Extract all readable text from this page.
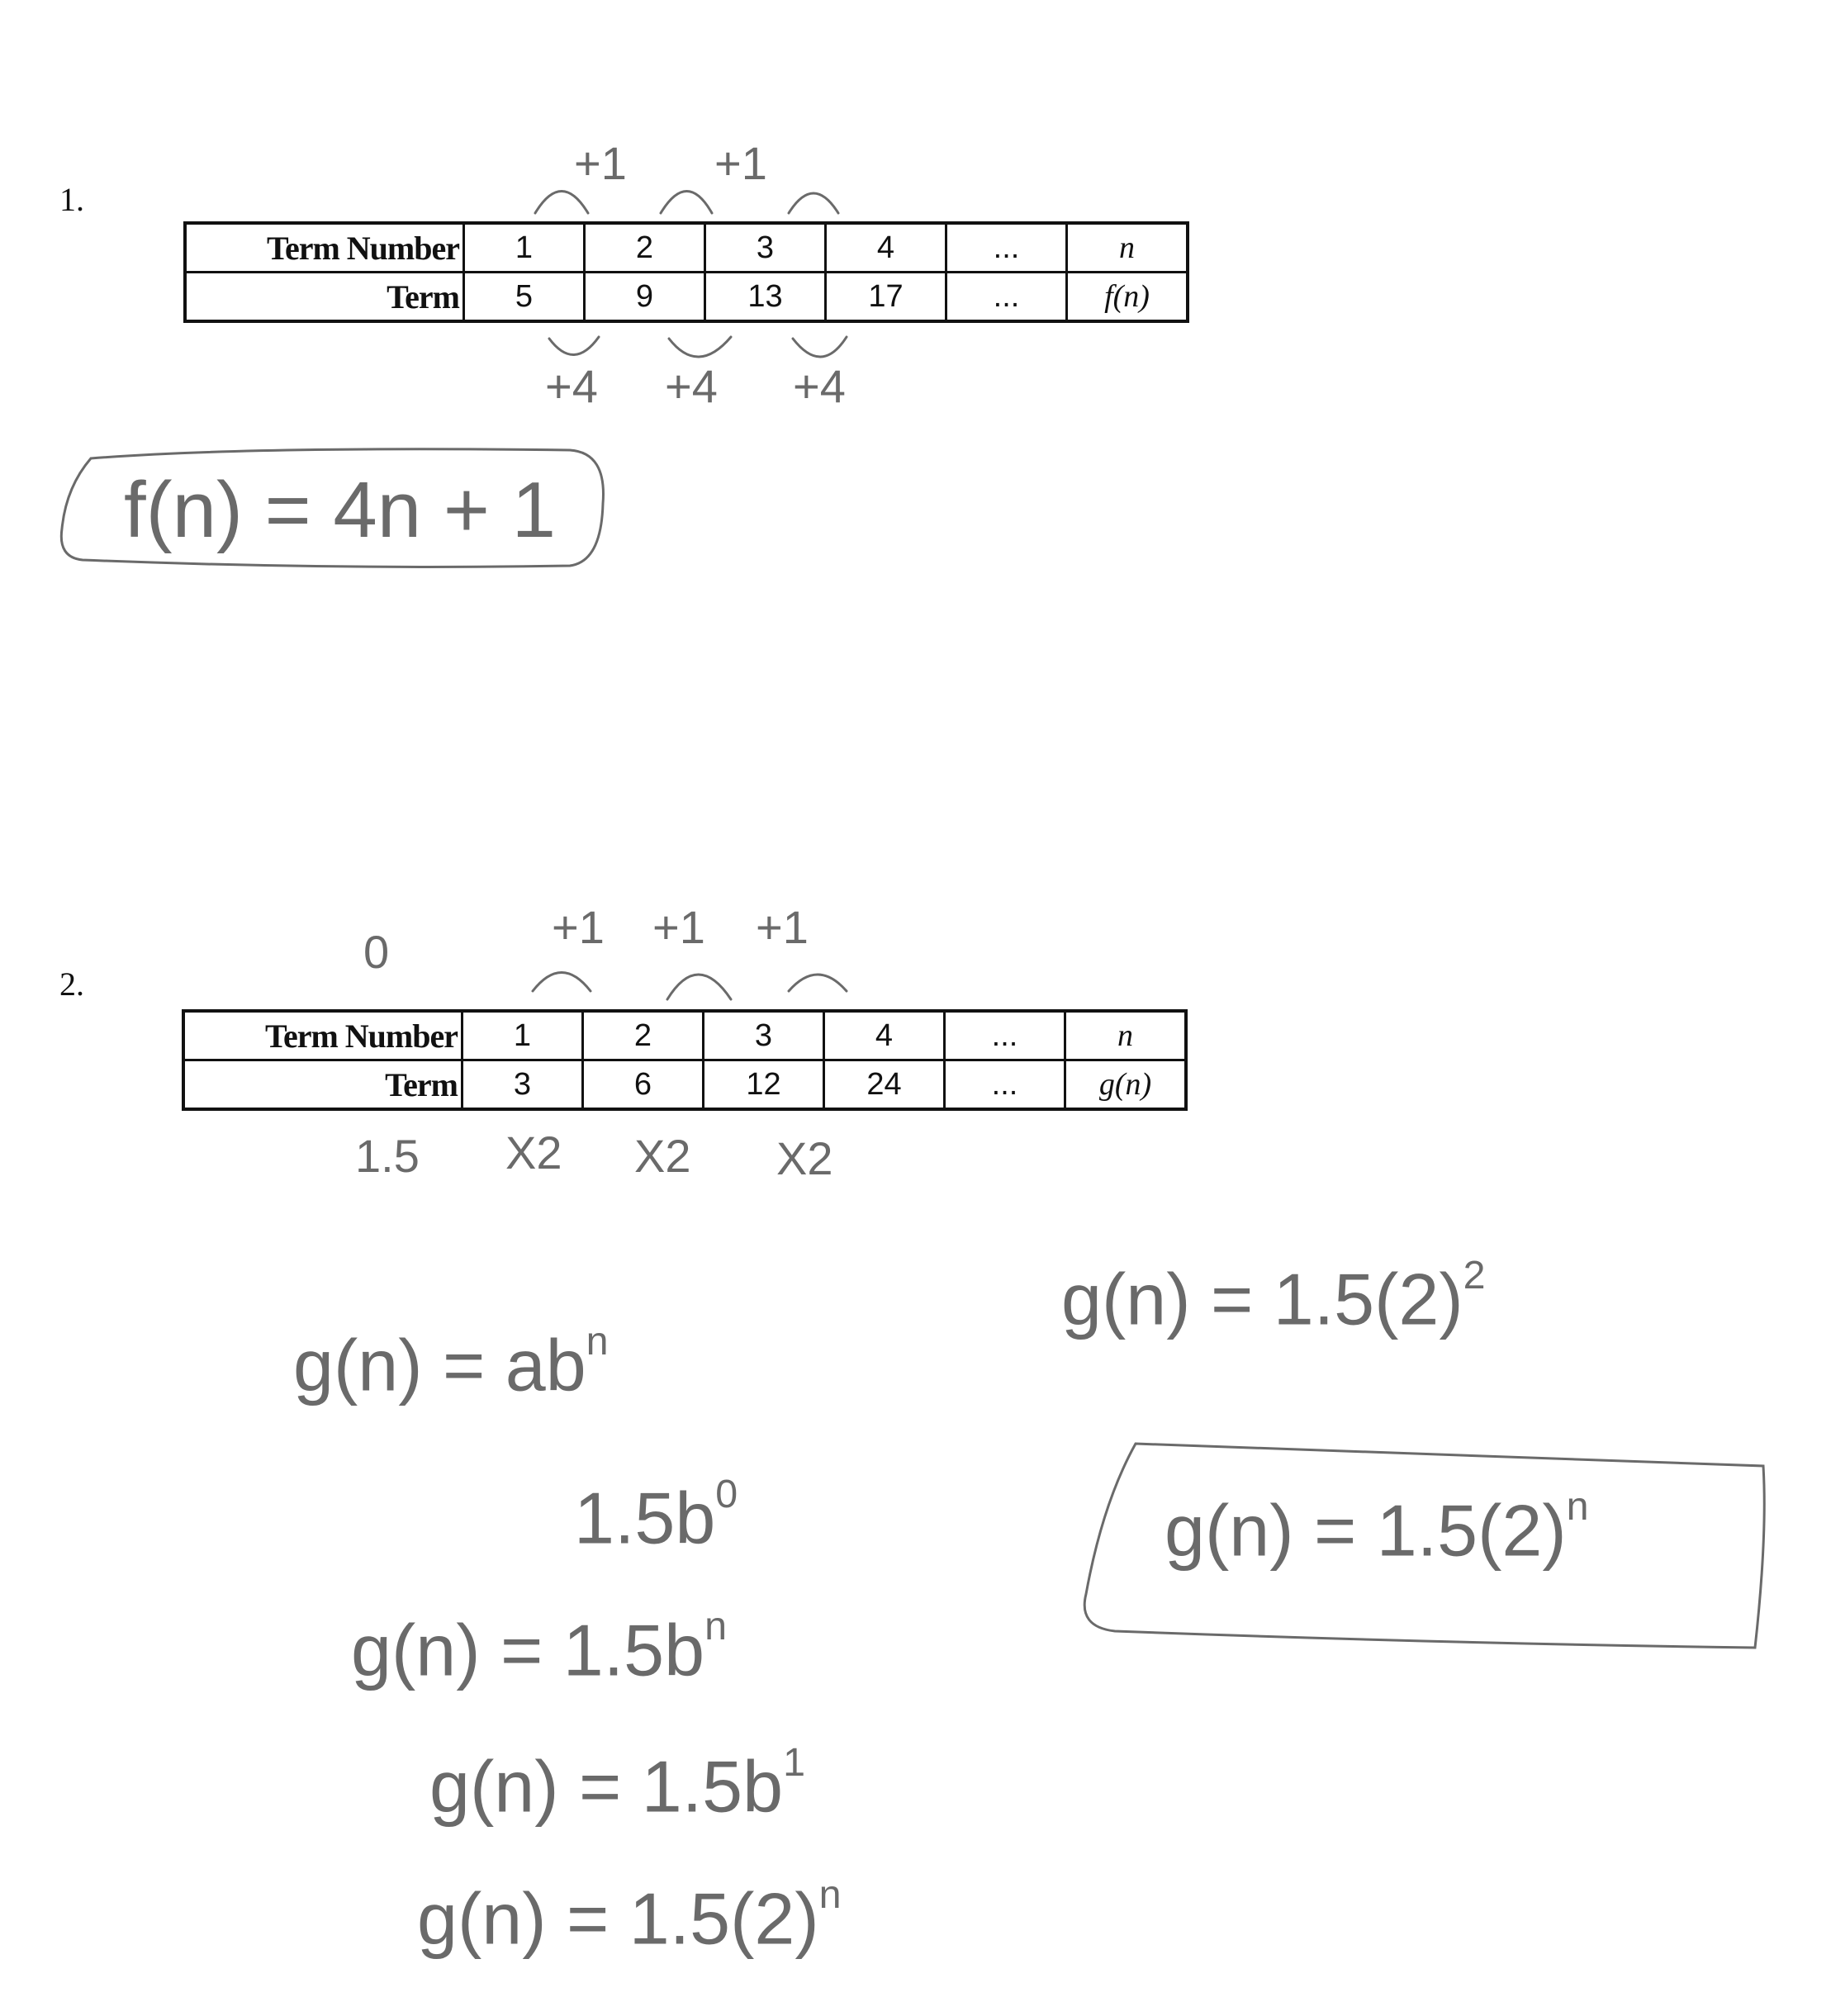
1.
Term Number	1	2	3	4	...	n
Term	5	9	13	17	...	f(n)
+1 +1
+4 +4 +4
f(n) = 4n + 1
2.
Term Number	1	2	3	4	...	n
Term	3	6	12	24	...	g(n)
0	+1 +1 +1
1.5 X2 X2 X2
$g(n) = ab^n$
$1.5b^0$
$g(n) = 1.5b^n$
$g(n) = 1.5b^1$
$g(n) = 1.5(2)^n$
$g(n) = 1.5(2)^2$
$g(n) = 1.5(2)^n$
